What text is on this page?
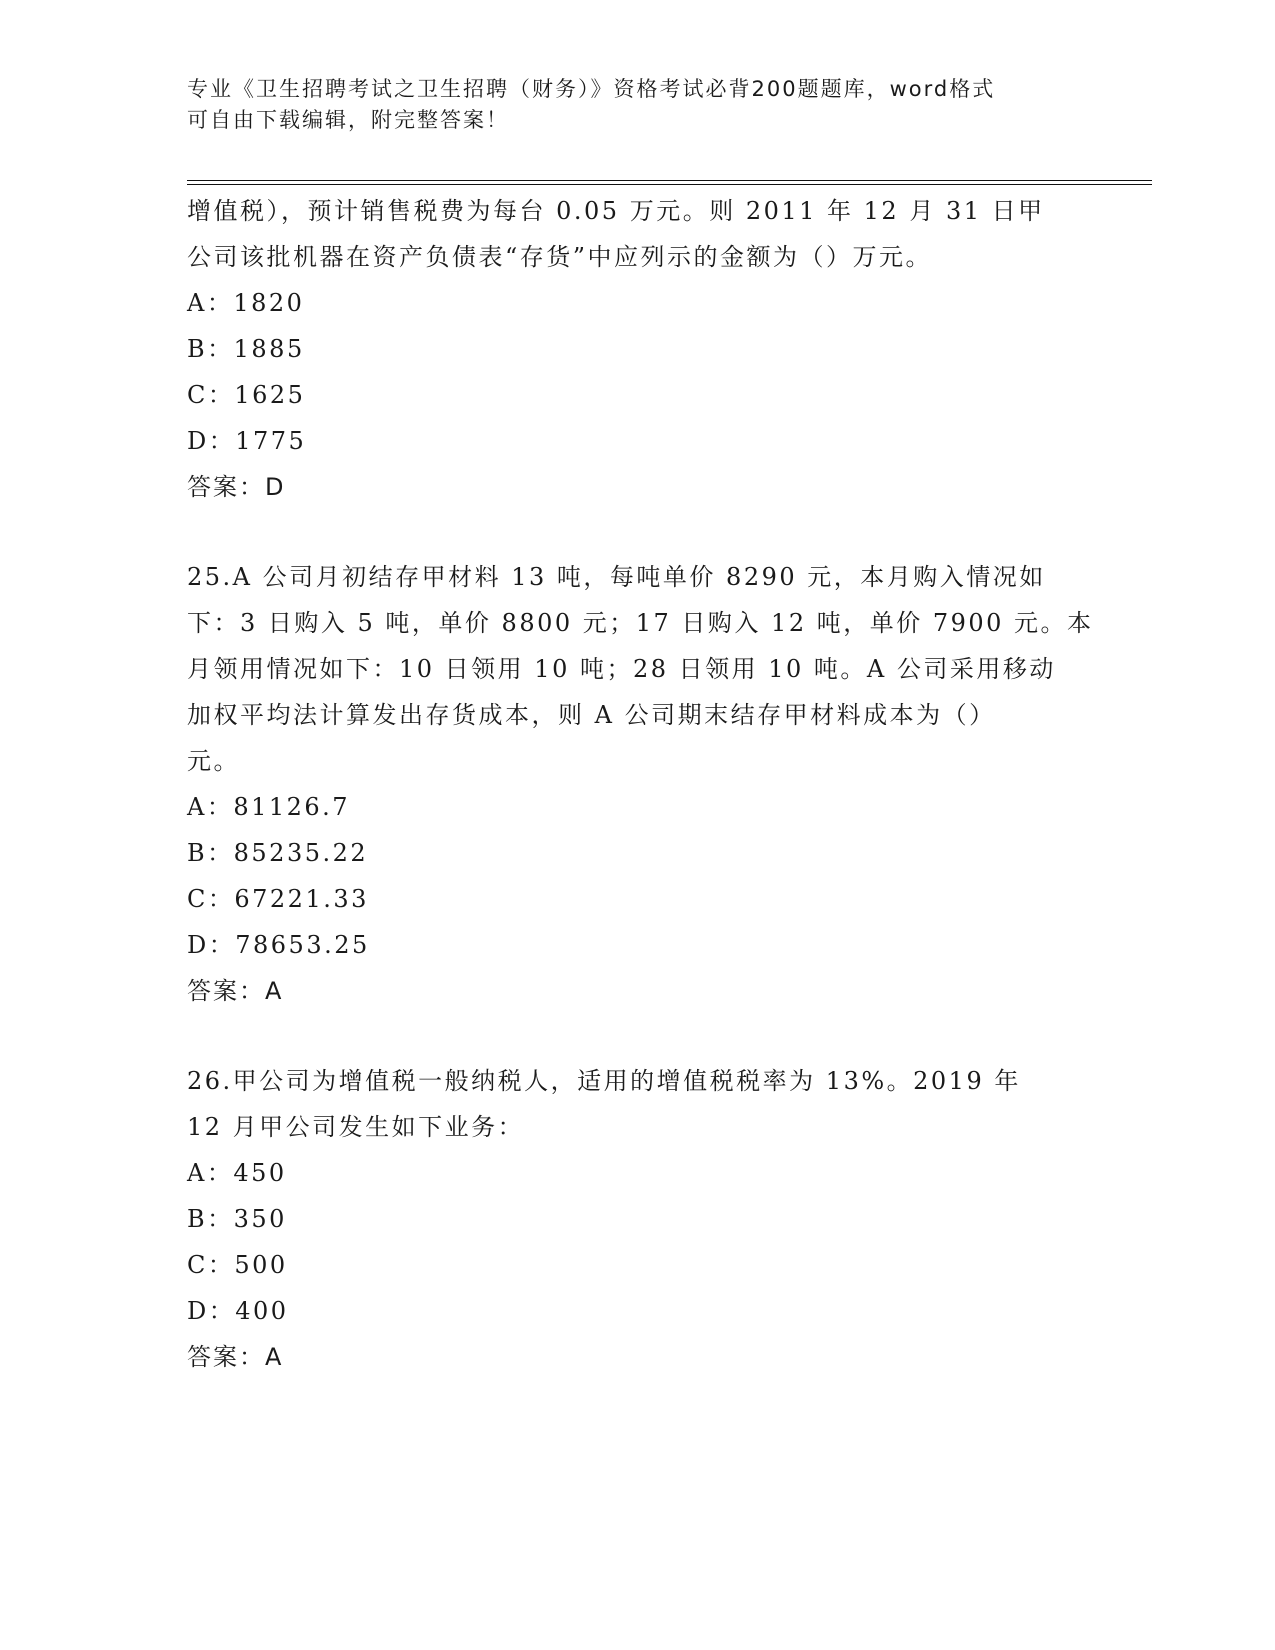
专业《卫生招聘考试之卫生招聘（财务）》资格考试必背200题题库，word格式
可自由下载编辑，附完整答案！
增值税），预计销售税费为每台 0.05 万元。则 2011 年 12 月 31 日甲
公司该批机器在资产负债表“存货”中应列示的金额为（）万元。
A：1820
B：1885
C：1625
D：1775
答案：D
25.A 公司月初结存甲材料 13 吨，每吨单价 8290 元，本月购入情况如
下：3 日购入 5 吨，单价 8800 元；17 日购入 12 吨，单价 7900 元。本
月领用情况如下：10 日领用 10 吨；28 日领用 10 吨。A 公司采用移动
加权平均法计算发出存货成本，则 A 公司期末结存甲材料成本为（）
元。
A：81126.7
B：85235.22
C：67221.33
D：78653.25
答案：A
26.甲公司为增值税一般纳税人，适用的增值税税率为 13%。2019 年
12 月甲公司发生如下业务：
A：450
B：350
C：500
D：400
答案：A
